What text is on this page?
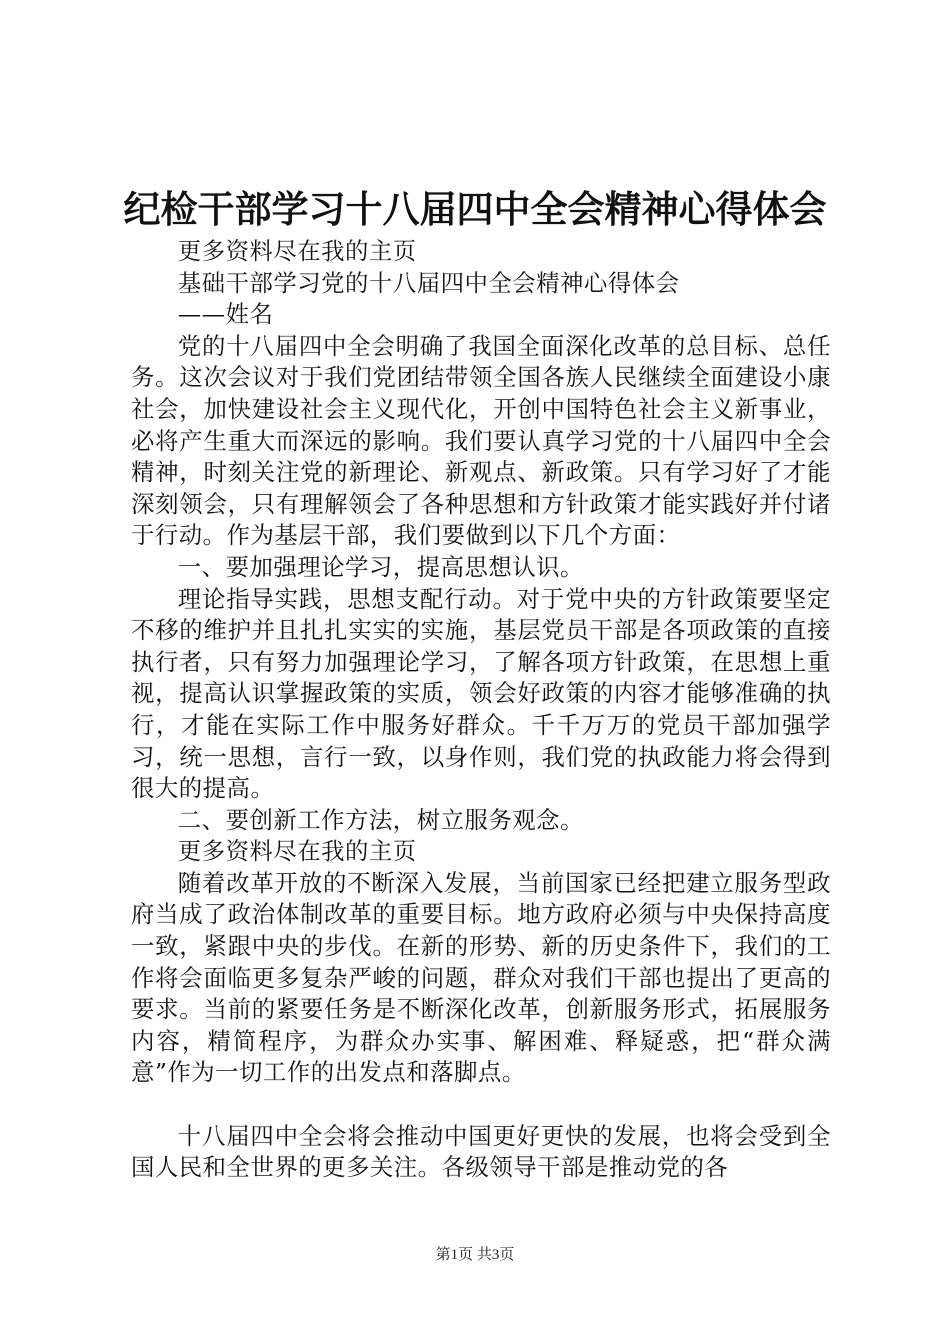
纪检干部学习十八届四中全会精神心得体会

更多资料尽在我的主页

基础干部学习党的十八届四中全会精神心得体会

——姓名

党的十八届四中全会明确了我国全面深化改革的总目标、总任务。这次会议对于我们党团结带领全国各族人民继续全面建设小康社会，加快建设社会主义现代化，开创中国特色社会主义新事业，必将产生重大而深远的影响。我们要认真学习党的十八届四中全会精神，时刻关注党的新理论、新观点、新政策。只有学习好了才能深刻领会，只有理解领会了各种思想和方针政策才能实践好并付诸于行动。作为基层干部，我们要做到以下几个方面：

一、要加强理论学习，提高思想认识。

理论指导实践，思想支配行动。对于党中央的方针政策要坚定不移的维护并且扎扎实实的实施，基层党员干部是各项政策的直接执行者，只有努力加强理论学习，了解各项方针政策，在思想上重视，提高认识掌握政策的实质，领会好政策的内容才能够准确的执行，才能在实际工作中服务好群众。千千万万的党员干部加强学习，统一思想，言行一致，以身作则，我们党的执政能力将会得到很大的提高。

二、要创新工作方法，树立服务观念。

更多资料尽在我的主页

随着改革开放的不断深入发展，当前国家已经把建立服务型政府当成了政治体制改革的重要目标。地方政府必须与中央保持高度一致，紧跟中央的步伐。在新的形势、新的历史条件下，我们的工作将会面临更多复杂严峻的问题，群众对我们干部也提出了更高的要求。当前的紧要任务是不断深化改革，创新服务形式，拓展服务内容，精简程序，为群众办实事、解困难、释疑惑，把“群众满意”作为一切工作的出发点和落脚点。

十八届四中全会将会推动中国更好更快的发展，也将会受到全国人民和全世界的更多关注。各级领导干部是推动党的各

第1页 共3页
